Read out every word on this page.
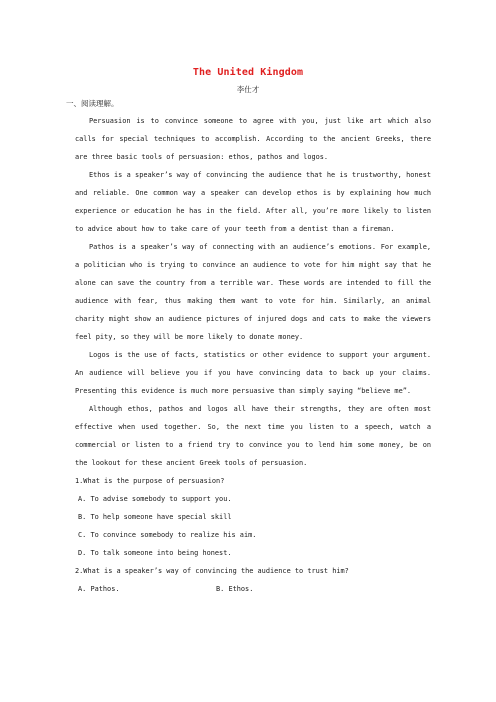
The United Kingdom
李仕才
一、阅读理解。

Persuasion is to convince someone to agree with you, just like art which also calls for special techniques to accomplish. According to the ancient Greeks, there are three basic tools of persuasion: ethos, pathos and logos.

Ethos is a speaker’s way of convincing the audience that he is trustworthy, honest and reliable. One common way a speaker can develop ethos is by explaining how much experience or education he has in the field. After all, you’re more likely to listen to advice about how to take care of your teeth from a dentist than a fireman.

Pathos is a speaker’s way of connecting with an audience’s emotions. For example, a politician who is trying to convince an audience to vote for him might say that he alone can save the country from a terrible war. These words are intended to fill the audience with fear, thus making them want to vote for him. Similarly, an animal charity might show an audience pictures of injured dogs and cats to make the viewers feel pity, so they will be more likely to donate money.

Logos is the use of facts, statistics or other evidence to support your argument. An audience will believe you if you have convincing data to back up your claims. Presenting this evidence is much more persuasive than simply saying “believe me”.

Although ethos, pathos and logos all have their strengths, they are often most effective when used together. So, the next time you listen to a speech, watch a commercial or listen to a friend try to convince you to lend him some money, be on the lookout for these ancient Greek tools of persuasion.

1.What is the purpose of persuasion?

A. To advise somebody to support you.

B. To help someone have special skill

C. To convince somebody to realize his aim.

D. To talk someone into being honest.

2.What is a speaker’s way of convincing the audience to trust him?

A. Pathos.	B. Ethos.
